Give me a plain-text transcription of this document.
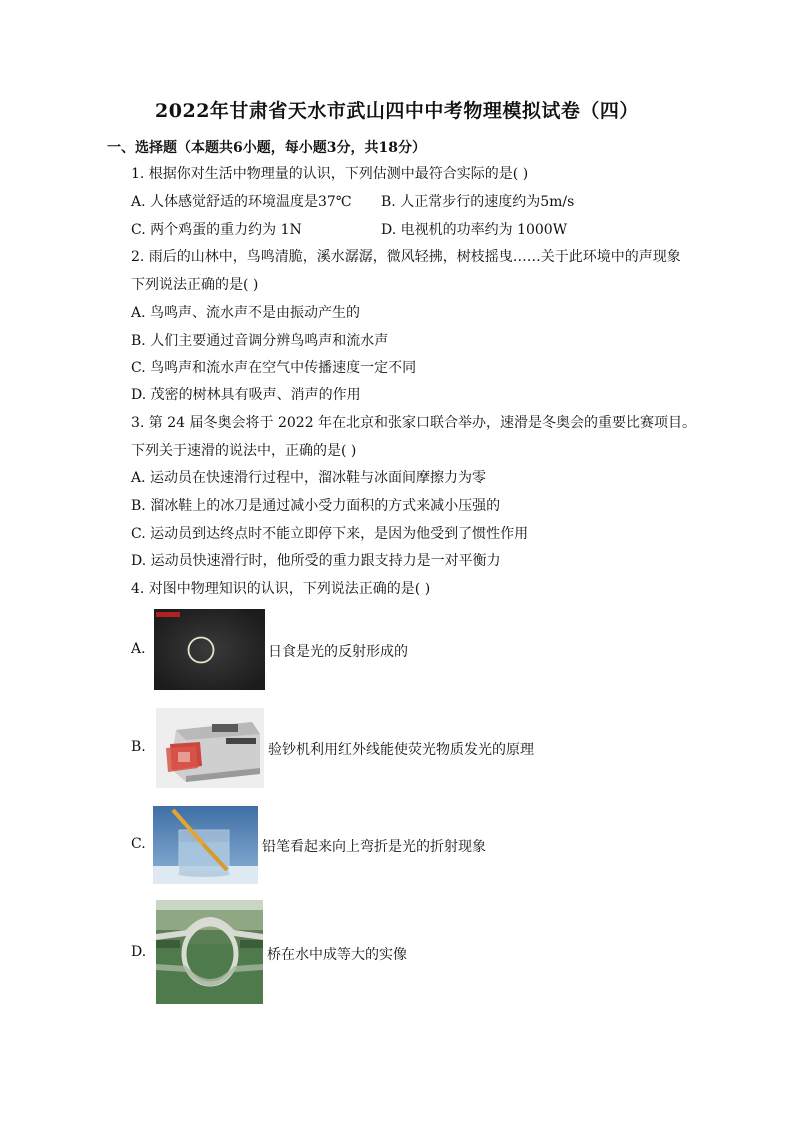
2022年甘肃省天水市武山四中中考物理模拟试卷（四）
一、选择题（本题共6小题，每小题3分，共18分）
1. 根据你对生活中物理量的认识，下列估测中最符合实际的是( )
A. 人体感觉舒适的环境温度是37℃ B. 人正常步行的速度约为5m/s
C. 两个鸡蛋的重力约为 1N	D. 电视机的功率约为 1000W
2. 雨后的山林中，鸟鸣清脆，溪水潺潺，微风轻拂，树枝摇曳……关于此环境中的声现象
下列说法正确的是( )
A. 鸟鸣声、流水声不是由振动产生的
B. 人们主要通过音调分辨鸟鸣声和流水声
C. 鸟鸣声和流水声在空气中传播速度一定不同
D. 茂密的树林具有吸声、消声的作用
3. 第 24 届冬奥会将于 2022 年在北京和张家口联合举办，速滑是冬奥会的重要比赛项目。
下列关于速滑的说法中，正确的是( )
A. 运动员在快速滑行过程中，溜冰鞋与冰面间摩擦力为零
B. 溜冰鞋上的冰刀是通过减小受力面积的方式来减小压强的
C. 运动员到达终点时不能立即停下来，是因为他受到了惯性作用
D. 运动员快速滑行时，他所受的重力跟支持力是一对平衡力
4. 对图中物理知识的认识，下列说法正确的是( )
A.	日食是光的反射形成的
B.	验钞机利用红外线能使荧光物质发光的原理
C.	铅笔看起来向上弯折是光的折射现象
D.	桥在水中成等大的实像
